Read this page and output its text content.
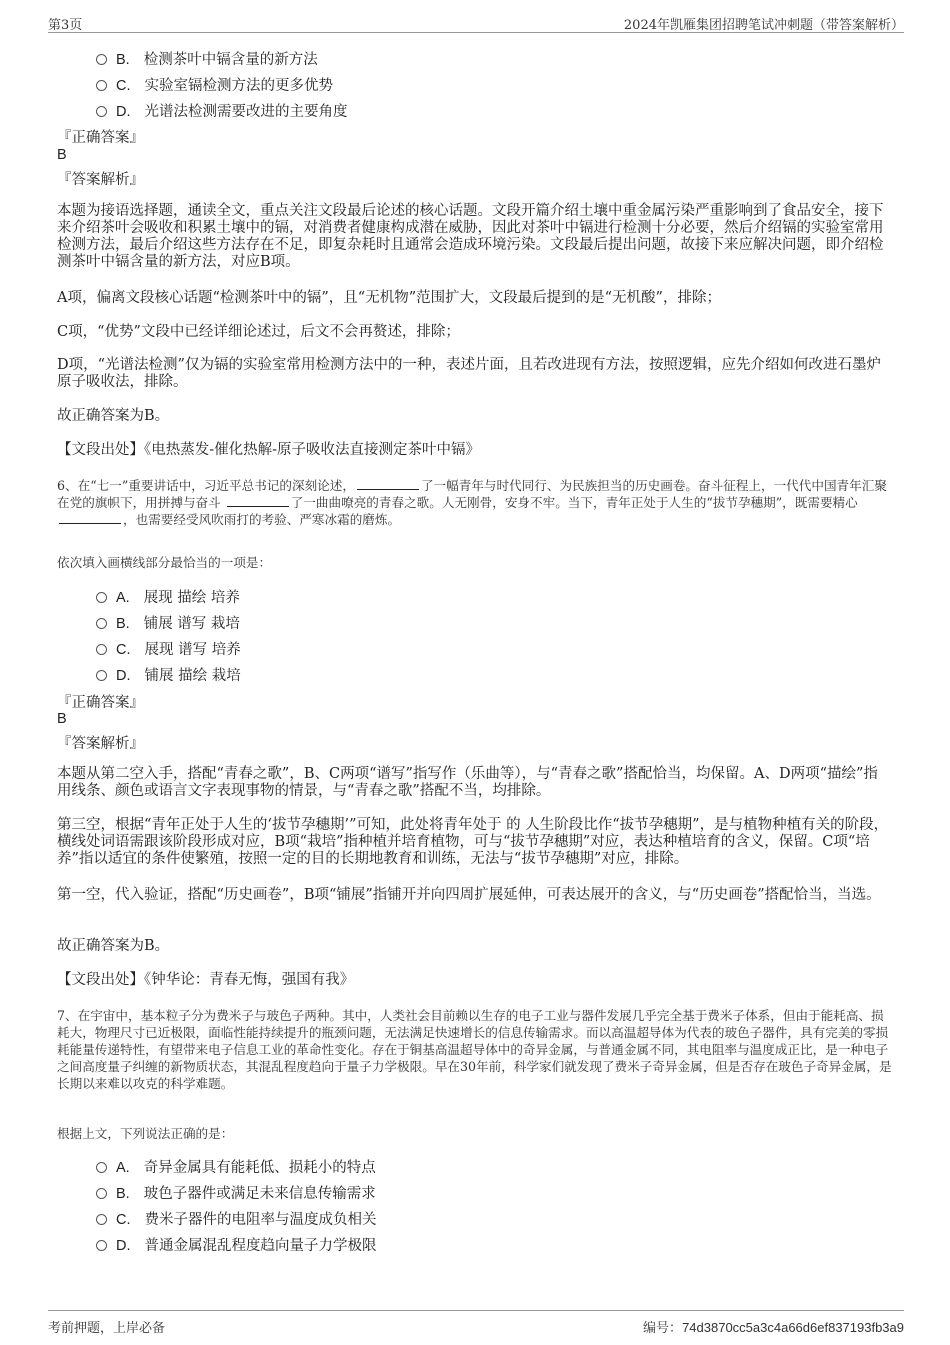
第3页	2024年凯雁集团招聘笔试冲刺题（带答案解析）
B. 检测茶叶中镉含量的新方法
C. 实验室镉检测方法的更多优势
D. 光谱法检测需要改进的主要角度
『正确答案』
B
『答案解析』
本题为接语选择题，通读全文，重点关注文段最后论述的核心话题。文段开篇介绍土壤中重金属污染严重影响到了食品安全，接下来介绍茶叶会吸收和积累土壤中的镉，对消费者健康构成潜在威胁，因此对茶叶中镉进行检测十分必要，然后介绍镉的实验室常用检测方法，最后介绍这些方法存在不足，即复杂耗时且通常会造成环境污染。文段最后提出问题，故接下来应解决问题，即介绍检测茶叶中镉含量的新方法，对应B项。
A项，偏离文段核心话题“检测茶叶中的镉”，且“无机物”范围扩大，文段最后提到的是“无机酸”，排除；
C项，“优势”文段中已经详细论述过，后文不会再赘述，排除；
D项，“光谱法检测”仅为镉的实验室常用检测方法中的一种，表述片面，且若改进现有方法，按照逻辑，应先介绍如何改进石墨炉原子吸收法，排除。
故正确答案为B。
【文段出处】《电热蒸发-催化热解-原子吸收法直接测定茶叶中镉》
6、在“七一”重要讲话中，习近平总书记的深刻论述，	了一幅青年与时代同行、为民族担当的历史画卷。奋斗征程上，一代代中国青年汇聚在党的旗帜下，用拼搏与奋斗	了一曲曲嘹亮的青春之歌。人无刚骨，安身不牢。当下，青年正处于人生的“拔节孕穗期”，既需要精心 ，也需要经受风吹雨打的考验、严寒冰霜的磨炼。
依次填入画横线部分最恰当的一项是：
A. 展现 描绘 培养
B. 铺展 谱写 栽培
C. 展现 谱写 培养
D. 铺展 描绘 栽培
『正确答案』
B
『答案解析』
本题从第二空入手，搭配“青春之歌”，B、C两项“谱写”指写作（乐曲等），与“青春之歌”搭配恰当，均保留。A、D两项“描绘”指用线条、颜色或语言文字表现事物的情景，与“青春之歌”搭配不当，均排除。
第三空，根据“青年正处于人生的‘拔节孕穗期’”可知，此处将青年处于 的 人生阶段比作“拔节孕穗期”，是与植物种植有关的阶段，横线处词语需跟该阶段形成对应，B项“栽培”指种植并培育植物，可与“拔节孕穗期”对应，表达种植培育的含义，保留。C项“培养”指以适宜的条件使繁殖，按照一定的目的长期地教育和训练，无法与“拔节孕穗期”对应，排除。
第一空，代入验证，搭配“历史画卷”，B项“铺展”指铺开并向四周扩展延伸，可表达展开的含义，与“历史画卷”搭配恰当，当选。
故正确答案为B。
【文段出处】《钟华论：青春无悔，强国有我》
7、在宇宙中，基本粒子分为费米子与玻色子两种。其中，人类社会目前赖以生存的电子工业与器件发展几乎完全基于费米子体系，但由于能耗高、损耗大，物理尺寸已近极限，面临性能持续提升的瓶颈问题，无法满足快速增长的信息传输需求。而以高温超导体为代表的玻色子器件，具有完美的零损耗能量传递特性，有望带来电子信息工业的革命性变化。存在于铜基高温超导体中的奇异金属，与普通金属不同，其电阻率与温度成正比，是一种电子之间高度量子纠缠的新物质状态，其混乱程度趋向于量子力学极限。早在30年前，科学家们就发现了费米子奇异金属，但是否存在玻色子奇异金属，是长期以来难以攻克的科学难题。
根据上文，下列说法正确的是：
A. 奇异金属具有能耗低、损耗小的特点
B. 玻色子器件或满足未来信息传输需求
C. 费米子器件的电阻率与温度成负相关
D. 普通金属混乱程度趋向量子力学极限
考前押题，上岸必备	编号：74d3870cc5a3c4a66d6ef837193fb3a9
